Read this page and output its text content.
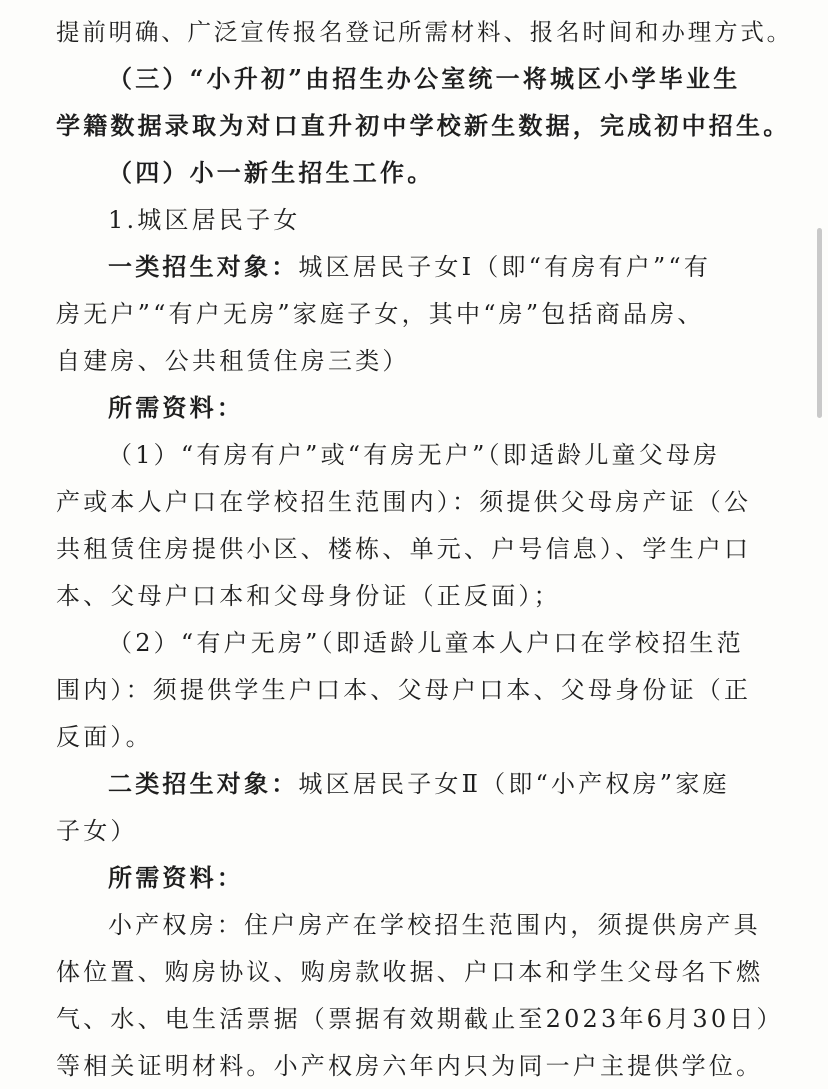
提前明确、广泛宣传报名登记所需材料、报名时间和办理方式。
（三）“小升初”由招生办公室统一将城区小学毕业生
学籍数据录取为对口直升初中学校新生数据，完成初中招生。
（四）小一新生招生工作。
1.城区居民子女
一类招生对象：城区居民子女Ⅰ（即“有房有户”“有
房无户”“有户无房”家庭子女，其中“房”包括商品房、
自建房、公共租赁住房三类）
所需资料：
（1）“有房有户”或“有房无户”（即适龄儿童父母房
产或本人户口在学校招生范围内）：须提供父母房产证（公
共租赁住房提供小区、楼栋、单元、户号信息）、学生户口
本、父母户口本和父母身份证（正反面）；
（2）“有户无房”（即适龄儿童本人户口在学校招生范
围内）：须提供学生户口本、父母户口本、父母身份证（正
反面）。
二类招生对象：城区居民子女Ⅱ（即“小产权房”家庭
子女）
所需资料：
小产权房：住户房产在学校招生范围内，须提供房产具
体位置、购房协议、购房款收据、户口本和学生父母名下燃
气、水、电生活票据（票据有效期截止至2023年6月30日）
等相关证明材料。小产权房六年内只为同一户主提供学位。
